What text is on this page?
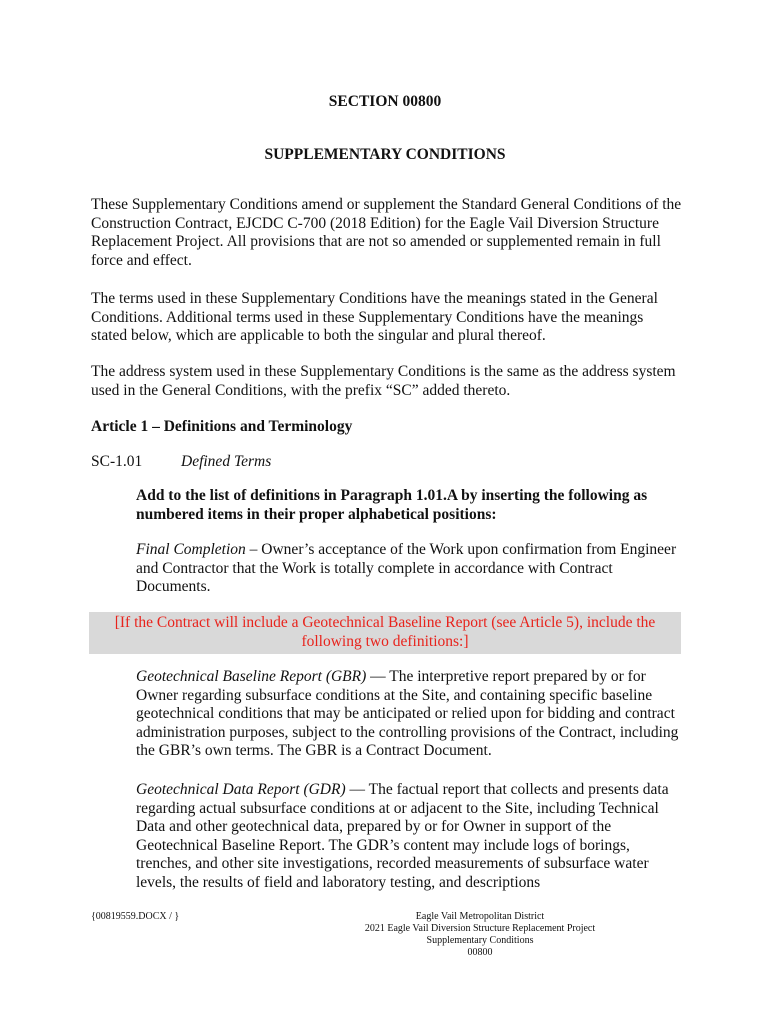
SECTION 00800
SUPPLEMENTARY CONDITIONS
These Supplementary Conditions amend or supplement the Standard General Conditions of the Construction Contract, EJCDC C-700 (2018 Edition) for the Eagle Vail Diversion Structure Replacement Project. All provisions that are not so amended or supplemented remain in full force and effect.
The terms used in these Supplementary Conditions have the meanings stated in the General Conditions. Additional terms used in these Supplementary Conditions have the meanings stated below, which are applicable to both the singular and plural thereof.
The address system used in these Supplementary Conditions is the same as the address system used in the General Conditions, with the prefix “SC” added thereto.
Article 1 – Definitions and Terminology
SC-1.01	Defined Terms
Add to the list of definitions in Paragraph 1.01.A by inserting the following as numbered items in their proper alphabetical positions:
Final Completion – Owner’s acceptance of the Work upon confirmation from Engineer and Contractor that the Work is totally complete in accordance with Contract Documents.
[If the Contract will include a Geotechnical Baseline Report (see Article 5), include the following two definitions:]
Geotechnical Baseline Report (GBR) — The interpretive report prepared by or for Owner regarding subsurface conditions at the Site, and containing specific baseline geotechnical conditions that may be anticipated or relied upon for bidding and contract administration purposes, subject to the controlling provisions of the Contract, including the GBR’s own terms. The GBR is a Contract Document.
Geotechnical Data Report (GDR) — The factual report that collects and presents data regarding actual subsurface conditions at or adjacent to the Site, including Technical Data and other geotechnical data, prepared by or for Owner in support of the Geotechnical Baseline Report. The GDR’s content may include logs of borings, trenches, and other site investigations, recorded measurements of subsurface water levels, the results of field and laboratory testing, and descriptions
{00819559.DOCX / }	Eagle Vail Metropolitan District
2021 Eagle Vail Diversion Structure Replacement Project
Supplementary Conditions
00800
